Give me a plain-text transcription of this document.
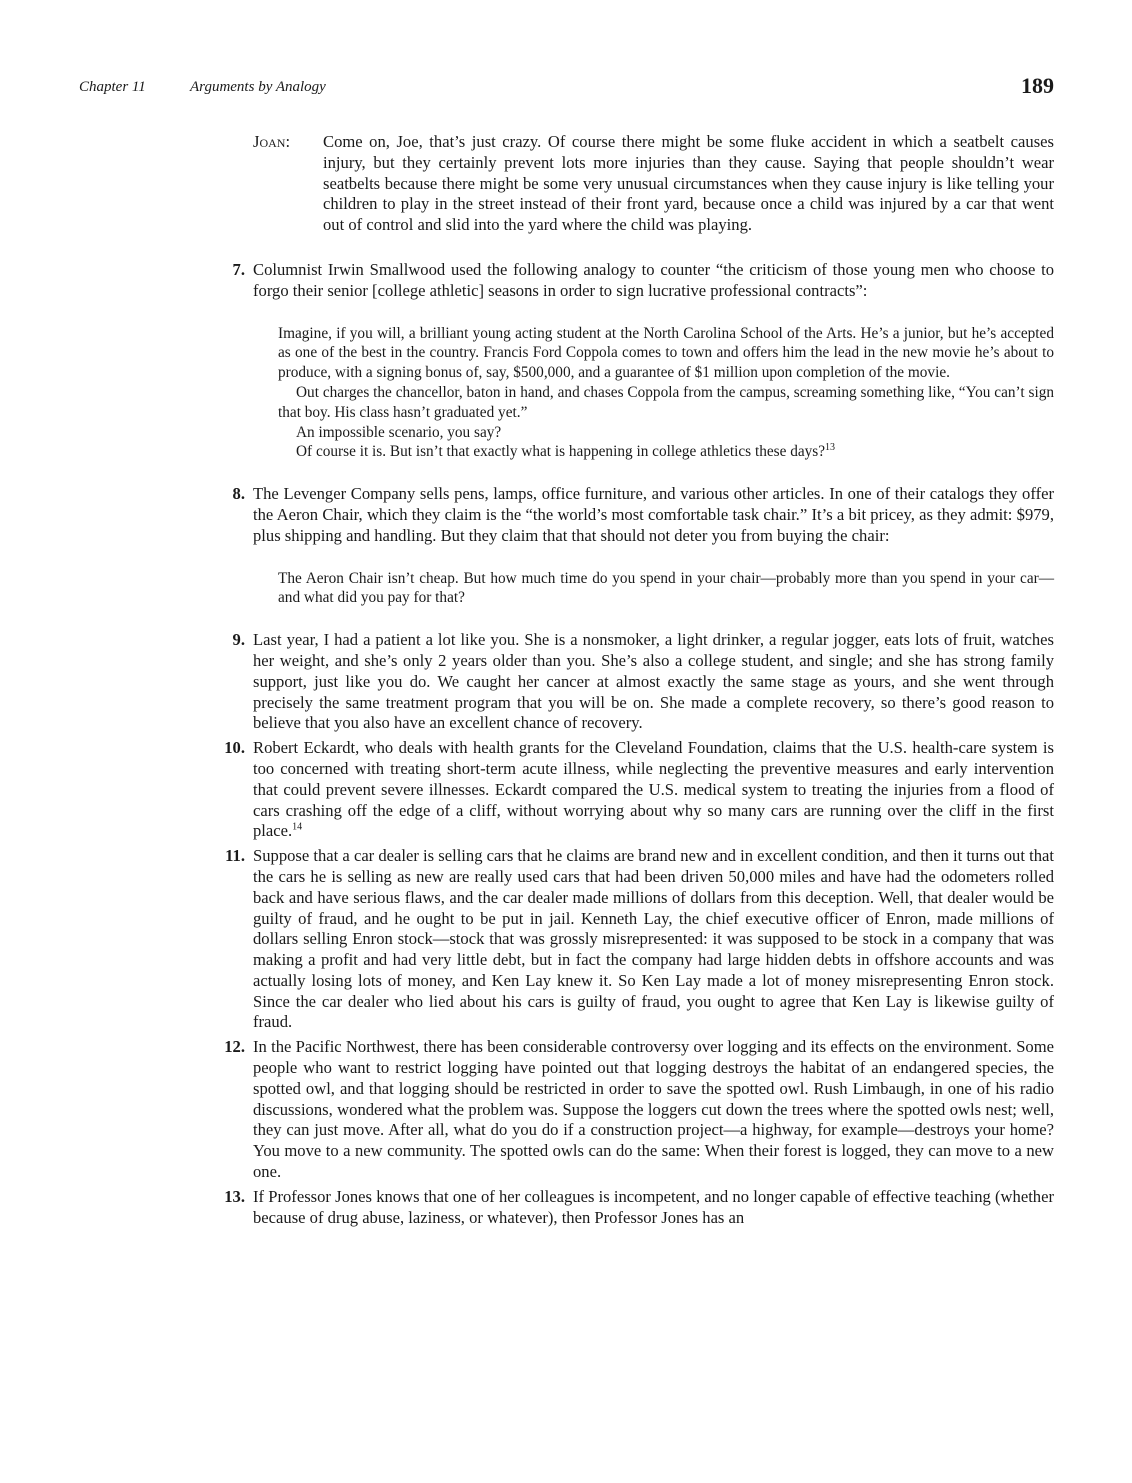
Chapter 11	Arguments by Analogy	189
Joan: Come on, Joe, that’s just crazy. Of course there might be some fluke accident in which a seatbelt causes injury, but they certainly prevent lots more injuries than they cause. Saying that people shouldn’t wear seatbelts because there might be some very unusual circumstances when they cause injury is like telling your children to play in the street instead of their front yard, because once a child was injured by a car that went out of control and slid into the yard where the child was playing.

7. Columnist Irwin Smallwood used the following analogy to counter “the criticism of those young men who choose to forgo their senior [college athletic] seasons in order to sign lucrative professional contracts”:

Imagine, if you will, a brilliant young acting student at the North Carolina School of the Arts. He’s a junior, but he’s accepted as one of the best in the country. Francis Ford Coppola comes to town and offers him the lead in the new movie he’s about to produce, with a signing bonus of, say, $500,000, and a guarantee of $1 million upon completion of the movie.

Out charges the chancellor, baton in hand, and chases Coppola from the campus, screaming something like, “You can’t sign that boy. His class hasn’t graduated yet.”

An impossible scenario, you say?

Of course it is. But isn’t that exactly what is happening in college athletics these days?$^{13}$

8. The Levenger Company sells pens, lamps, office furniture, and various other articles. In one of their catalogs they offer the Aeron Chair, which they claim is the “the world’s most comfortable task chair.” It’s a bit pricey, as they admit: $979, plus shipping and handling. But they claim that that should not deter you from buying the chair:

The Aeron Chair isn’t cheap. But how much time do you spend in your chair—probably more than you spend in your car—and what did you pay for that?

9. Last year, I had a patient a lot like you. She is a nonsmoker, a light drinker, a regular jogger, eats lots of fruit, watches her weight, and she’s only 2 years older than you. She’s also a college student, and single; and she has strong family support, just like you do. We caught her cancer at almost exactly the same stage as yours, and she went through precisely the same treatment program that you will be on. She made a complete recovery, so there’s good reason to believe that you also have an excellent chance of recovery.

10. Robert Eckardt, who deals with health grants for the Cleveland Foundation, claims that the U.S. health-care system is too concerned with treating short-term acute illness, while neglecting the preventive measures and early intervention that could prevent severe illnesses. Eckardt compared the U.S. medical system to treating the injuries from a flood of cars crashing off the edge of a cliff, without worrying about why so many cars are running over the cliff in the first place.$^{14}$

11. Suppose that a car dealer is selling cars that he claims are brand new and in excellent condition, and then it turns out that the cars he is selling as new are really used cars that had been driven 50,000 miles and have had the odometers rolled back and have serious flaws, and the car dealer made millions of dollars from this deception. Well, that dealer would be guilty of fraud, and he ought to be put in jail. Kenneth Lay, the chief executive officer of Enron, made millions of dollars selling Enron stock—stock that was grossly misrepresented: it was supposed to be stock in a company that was making a profit and had very little debt, but in fact the company had large hidden debts in offshore accounts and was actually losing lots of money, and Ken Lay knew it. So Ken Lay made a lot of money misrepresenting Enron stock. Since the car dealer who lied about his cars is guilty of fraud, you ought to agree that Ken Lay is likewise guilty of fraud.

12. In the Pacific Northwest, there has been considerable controversy over logging and its effects on the environment. Some people who want to restrict logging have pointed out that logging destroys the habitat of an endangered species, the spotted owl, and that logging should be restricted in order to save the spotted owl. Rush Limbaugh, in one of his radio discussions, wondered what the problem was. Suppose the loggers cut down the trees where the spotted owls nest; well, they can just move. After all, what do you do if a construction project—a highway, for example—destroys your home? You move to a new community. The spotted owls can do the same: When their forest is logged, they can move to a new one.

13. If Professor Jones knows that one of her colleagues is incompetent, and no longer capable of effective teaching (whether because of drug abuse, laziness, or whatever), then Professor Jones has an
